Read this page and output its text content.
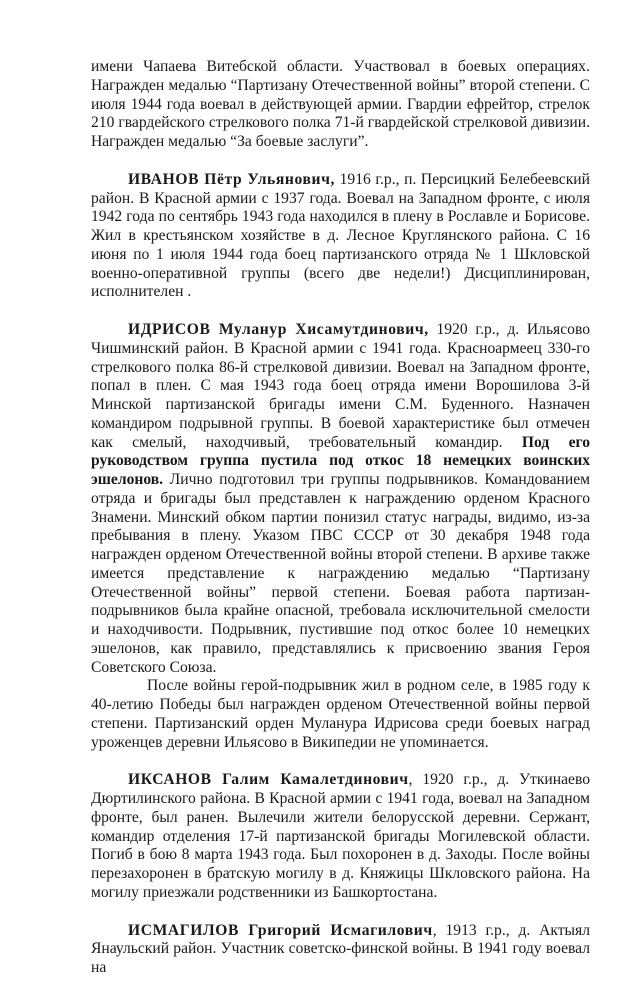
имени Чапаева Витебской области. Участвовал в боевых операциях. Награжден медалью “Партизану Отечественной войны” второй степени. С июля 1944 года воевал в действующей армии. Гвардии ефрейтор, стрелок 210 гвардейского стрелкового полка 71-й гвардейской стрелковой дивизии. Награжден медалью “За боевые заслуги”.

ИВАНОВ Пётр Ульянович, 1916 г.р., п. Персицкий Белебеевский район. В Красной армии с 1937 года. Воевал на Западном фронте, с июля 1942 года по сентябрь 1943 года находился в плену в Рославле и Борисове. Жил в крестьянском хозяйстве в д. Лесное Круглянского района. С 16 июня по 1 июля 1944 года боец партизанского отряда № 1 Шкловской военно-оперативной группы (всего две недели!) Дисциплинирован, исполнителен .

ИДРИСОВ Муланур Хисамутдинович, 1920 г.р., д. Ильясово Чишминский район. В Красной армии с 1941 года. Красноармеец 330-го стрелкового полка 86-й стрелковой дивизии. Воевал на Западном фронте, попал в плен. С мая 1943 года боец отряда имени Ворошилова 3-й Минской партизанской бригады имени С.М. Буденного. Назначен командиром подрывной группы. В боевой характеристике был отмечен как смелый, находчивый, требовательный командир. Под его руководством группа пустила под откос 18 немецких воинских эшелонов. Лично подготовил три группы подрывников. Командованием отряда и бригады был представлен к награждению орденом Красного Знамени. Минский обком партии понизил статус награды, видимо, из-за пребывания в плену. Указом ПВС СССР от 30 декабря 1948 года награжден орденом Отечественной войны второй степени. В архиве также имеется представление к награждению медалью “Партизану Отечественной войны” первой степени. Боевая работа партизан-подрывников была крайне опасной, требовала исключительной смелости и находчивости. Подрывник, пустившие под откос более 10 немецких эшелонов, как правило, представлялись к присвоению звания Героя Советского Союза.

После войны герой-подрывник жил в родном селе, в 1985 году к 40-летию Победы был награжден орденом Отечественной войны первой степени. Партизанский орден Муланура Идрисова среди боевых наград уроженцев деревни Ильясово в Википедии не упоминается.

ИКСАНОВ Галим Камалетдинович, 1920 г.р., д. Уткинаево Дюртилинского района. В Красной армии с 1941 года, воевал на Западном фронте, был ранен. Вылечили жители белорусской деревни. Сержант, командир отделения 17-й партизанской бригады Могилевской области. Погиб в бою 8 марта 1943 года. Был похоронен в д. Заходы. После войны перезахоронен в братскую могилу в д. Княжицы Шкловского района. На могилу приезжали родственники из Башкортостана.

ИСМАГИЛОВ Григорий Исмагилович, 1913 г.р., д. Актыял Янаульский район. Участник советско-финской войны. В 1941 году воевал на
